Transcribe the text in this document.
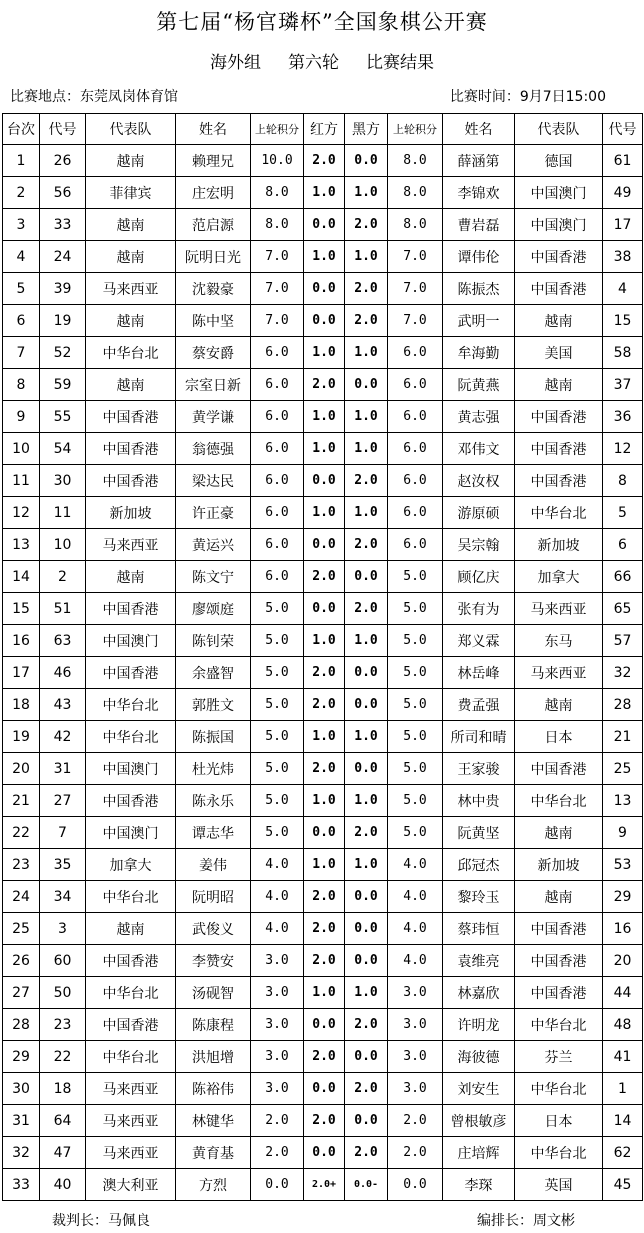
第七届“杨官璘杯”全国象棋公开赛
海外组     第六轮     比赛结果
比赛地点：东莞凤岗体育馆	比赛时间：9月7日15:00
台次	代号	代表队	姓名	上轮积分	红方	黑方	上轮积分	姓名	代表队	代号
1	26	越南	赖理兄	10.0	2.0	0.0	8.0	薛涵第	德国	61
2	56	菲律宾	庄宏明	8.0	1.0	1.0	8.0	李锦欢	中国澳门	49
3	33	越南	范启源	8.0	0.0	2.0	8.0	曹岩磊	中国澳门	17
4	24	越南	阮明日光	7.0	1.0	1.0	7.0	谭伟伦	中国香港	38
5	39	马来西亚	沈毅豪	7.0	0.0	2.0	7.0	陈振杰	中国香港	4
6	19	越南	陈中坚	7.0	0.0	2.0	7.0	武明一	越南	15
7	52	中华台北	蔡安爵	6.0	1.0	1.0	6.0	牟海勤	美国	58
8	59	越南	宗室日新	6.0	2.0	0.0	6.0	阮黄燕	越南	37
9	55	中国香港	黄学谦	6.0	1.0	1.0	6.0	黄志强	中国香港	36
10	54	中国香港	翁德强	6.0	1.0	1.0	6.0	邓伟文	中国香港	12
11	30	中国香港	梁达民	6.0	0.0	2.0	6.0	赵汝权	中国香港	8
12	11	新加坡	许正豪	6.0	1.0	1.0	6.0	游原硕	中华台北	5
13	10	马来西亚	黄运兴	6.0	0.0	2.0	6.0	吴宗翰	新加坡	6
14	2	越南	陈文宁	6.0	2.0	0.0	5.0	顾亿庆	加拿大	66
15	51	中国香港	廖颂庭	5.0	0.0	2.0	5.0	张有为	马来西亚	65
16	63	中国澳门	陈钊荣	5.0	1.0	1.0	5.0	郑义霖	东马	57
17	46	中国香港	余盛智	5.0	2.0	0.0	5.0	林岳峰	马来西亚	32
18	43	中华台北	郭胜文	5.0	2.0	0.0	5.0	费孟强	越南	28
19	42	中华台北	陈振国	5.0	1.0	1.0	5.0	所司和晴	日本	21
20	31	中国澳门	杜光炜	5.0	2.0	0.0	5.0	王家骏	中国香港	25
21	27	中国香港	陈永乐	5.0	1.0	1.0	5.0	林中贵	中华台北	13
22	7	中国澳门	谭志华	5.0	0.0	2.0	5.0	阮黄坚	越南	9
23	35	加拿大	姜伟	4.0	1.0	1.0	4.0	邱冠杰	新加坡	53
24	34	中华台北	阮明昭	4.0	2.0	0.0	4.0	黎玲玉	越南	29
25	3	越南	武俊义	4.0	2.0	0.0	4.0	蔡玮恒	中国香港	16
26	60	中国香港	李赞安	3.0	2.0	0.0	4.0	袁维亮	中国香港	20
27	50	中华台北	汤砚智	3.0	1.0	1.0	3.0	林嘉欣	中国香港	44
28	23	中国香港	陈康程	3.0	0.0	2.0	3.0	许明龙	中华台北	48
29	22	中华台北	洪旭增	3.0	2.0	0.0	3.0	海彼德	芬兰	41
30	18	马来西亚	陈裕伟	3.0	0.0	2.0	3.0	刘安生	中华台北	1
31	64	马来西亚	林键华	2.0	2.0	0.0	2.0	曾根敏彦	日本	14
32	47	马来西亚	黄育基	2.0	0.0	2.0	2.0	庄培辉	中华台北	62
33	40	澳大利亚	方烈	0.0	2.0+	0.0-	0.0	李琛	英国	45
裁判长：马佩良	编排长：周文彬
